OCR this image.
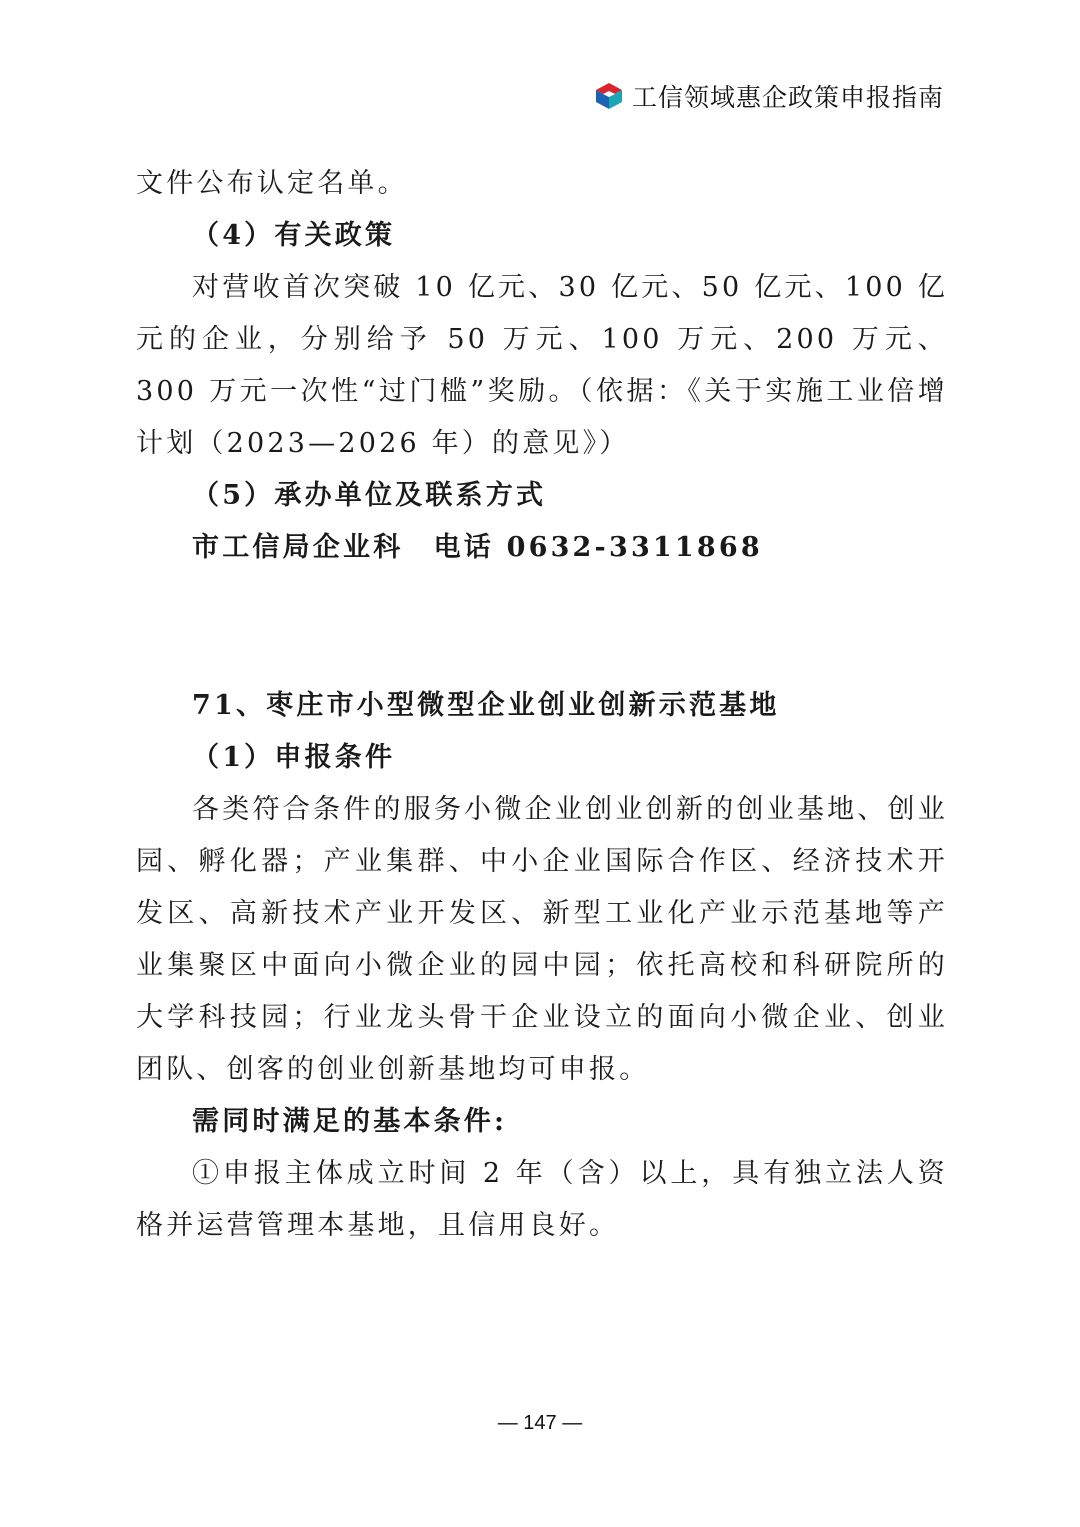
工信领域惠企政策申报指南

文件公布认定名单。

（4）有关政策

对营收首次突破 10 亿元、30 亿元、50 亿元、100 亿元的企业，分别给予 50 万元、100 万元、200 万元、300 万元一次性“过门槛”奖励。（依据：《关于实施工业倍增计划（2023—2026 年）的意见》）

（5）承办单位及联系方式

市工信局企业科　电话 0632-3311868

71、枣庄市小型微型企业创业创新示范基地

（1）申报条件

各类符合条件的服务小微企业创业创新的创业基地、创业园、孵化器；产业集群、中小企业国际合作区、经济技术开发区、高新技术产业开发区、新型工业化产业示范基地等产业集聚区中面向小微企业的园中园；依托高校和科研院所的大学科技园；行业龙头骨干企业设立的面向小微企业、创业团队、创客的创业创新基地均可申报。

需同时满足的基本条件:

①申报主体成立时间 2 年（含）以上，具有独立法人资格并运营管理本基地，且信用良好。

— 147 —
